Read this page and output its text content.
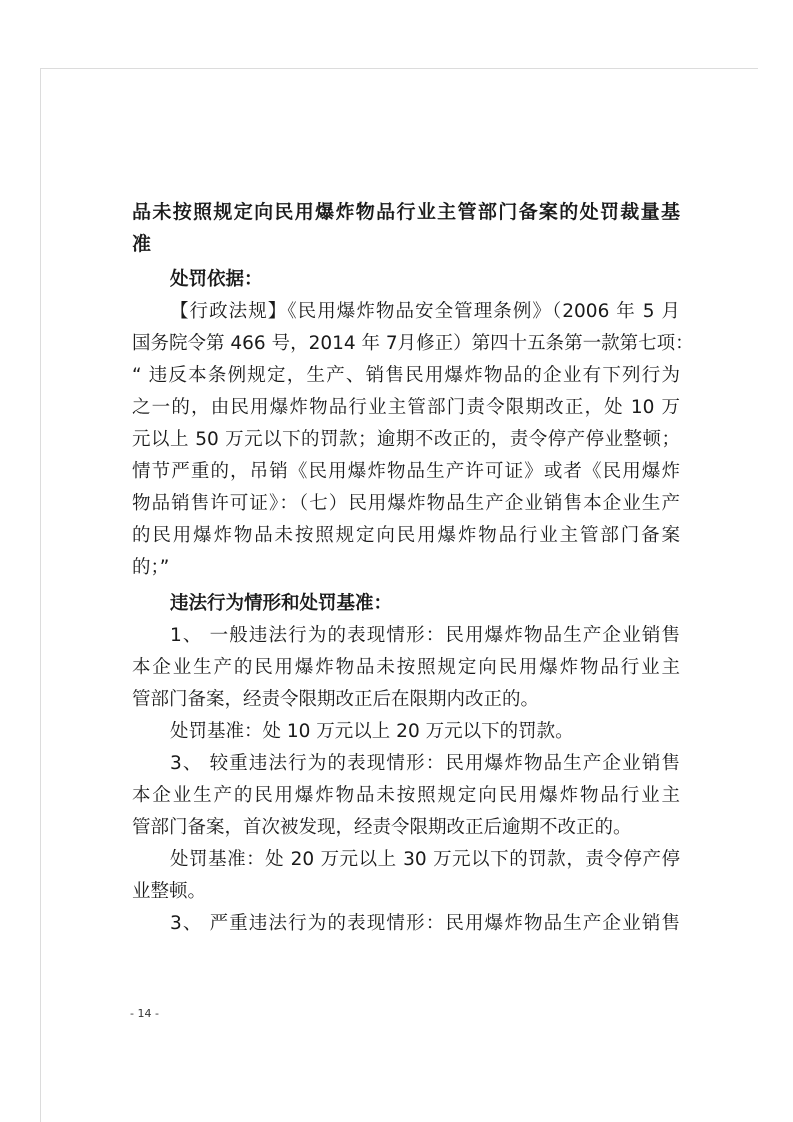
品未按照规定向民用爆炸物品行业主管部门备案的处罚裁量基
准
处罚依据：
【行政法规】《民用爆炸物品安全管理条例》（2006 年 5 月
国务院令第 466 号，2014 年 7月修正）第四十五条第一款第七项：
“ 违反本条例规定，生产、销售民用爆炸物品的企业有下列行为
之一的，由民用爆炸物品行业主管部门责令限期改正，处 10 万
元以上 50 万元以下的罚款；逾期不改正的，责令停产停业整顿；
情节严重的，吊销《民用爆炸物品生产许可证》或者《民用爆炸
物品销售许可证》：（七）民用爆炸物品生产企业销售本企业生产
的民用爆炸物品未按照规定向民用爆炸物品行业主管部门备案
的；”
违法行为情形和处罚基准：
1、 一般违法行为的表现情形：民用爆炸物品生产企业销售
本企业生产的民用爆炸物品未按照规定向民用爆炸物品行业主
管部门备案，经责令限期改正后在限期内改正的。
处罚基准：处 10 万元以上 20 万元以下的罚款。
3、 较重违法行为的表现情形：民用爆炸物品生产企业销售
本企业生产的民用爆炸物品未按照规定向民用爆炸物品行业主
管部门备案，首次被发现，经责令限期改正后逾期不改正的。
处罚基准：处 20 万元以上 30 万元以下的罚款，责令停产停
业整顿。
3、 严重违法行为的表现情形：民用爆炸物品生产企业销售
- 14 -
